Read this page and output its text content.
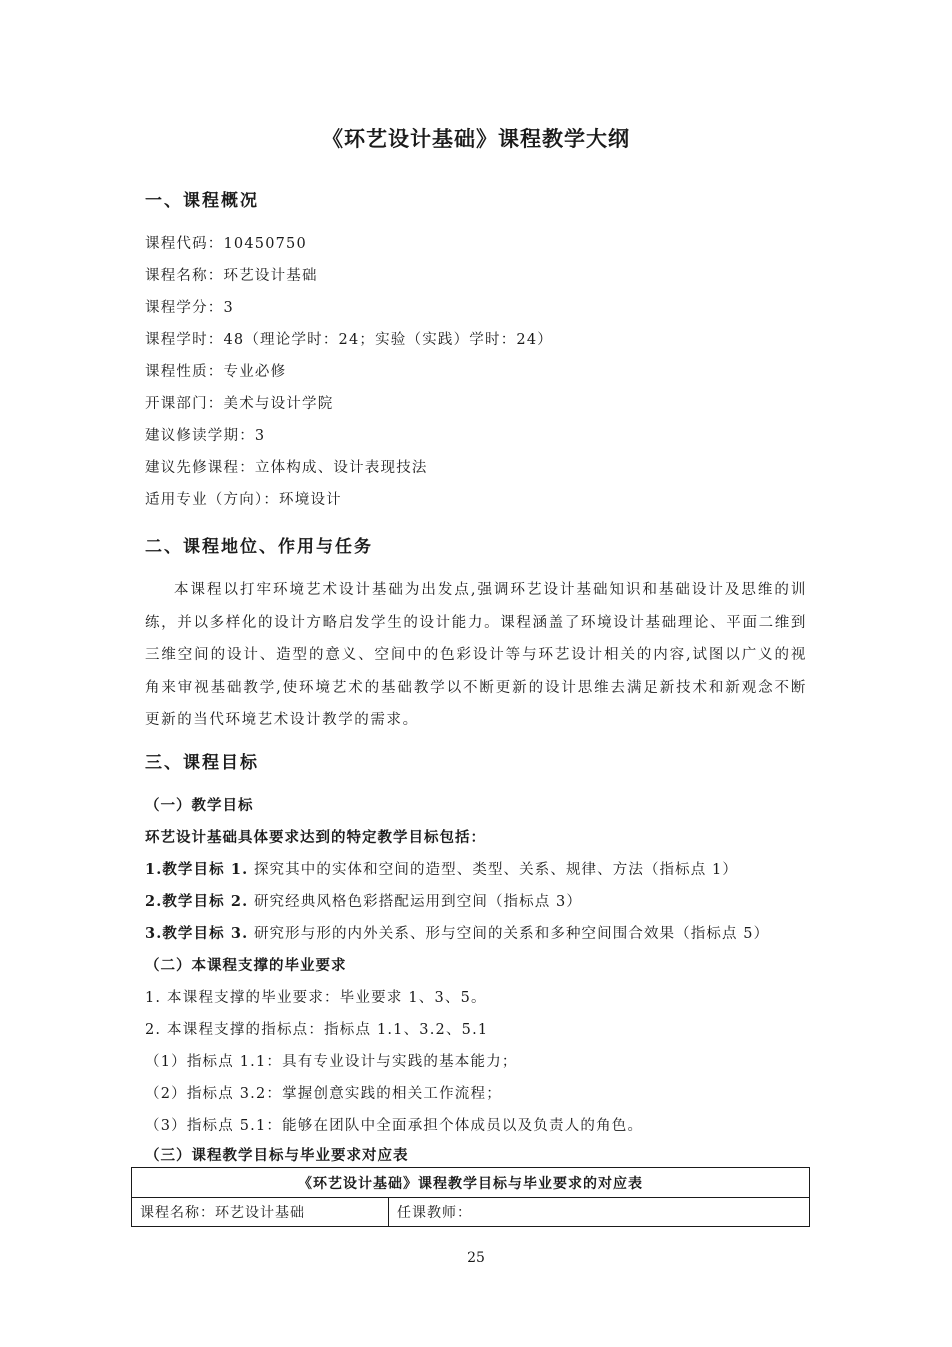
《环艺设计基础》课程教学大纲
一、课程概况
课程代码：10450750
课程名称：环艺设计基础
课程学分：3
课程学时：48（理论学时：24；实验（实践）学时：24）
课程性质：专业必修
开课部门：美术与设计学院
建议修读学期：3
建议先修课程：立体构成、设计表现技法
适用专业（方向）：环境设计
二、课程地位、作用与任务

本课程以打牢环境艺术设计基础为出发点,强调环艺设计基础知识和基础设计及思维的训练，并以多样化的设计方略启发学生的设计能力。课程涵盖了环境设计基础理论、平面二维到三维空间的设计、造型的意义、空间中的色彩设计等与环艺设计相关的内容,试图以广义的视角来审视基础教学,使环境艺术的基础教学以不断更新的设计思维去满足新技术和新观念不断更新的当代环境艺术设计教学的需求。

三、课程目标
（一）教学目标
环艺设计基础具体要求达到的特定教学目标包括：
1.教学目标 1. 探究其中的实体和空间的造型、类型、关系、规律、方法（指标点 1）
2.教学目标 2. 研究经典风格色彩搭配运用到空间（指标点 3）
3.教学目标 3. 研究形与形的内外关系、形与空间的关系和多种空间围合效果（指标点 5）
（二）本课程支撑的毕业要求
1. 本课程支撑的毕业要求：毕业要求 1、3、5。
2. 本课程支撑的指标点：指标点 1.1、3.2、5.1
（1）指标点 1.1：具有专业设计与实践的基本能力；
（2）指标点 3.2：掌握创意实践的相关工作流程；
（3）指标点 5.1：能够在团队中全面承担个体成员以及负责人的角色。
（三）课程教学目标与毕业要求对应表
《环艺设计基础》课程教学目标与毕业要求的对应表
课程名称：环艺设计基础	任课教师：
25
